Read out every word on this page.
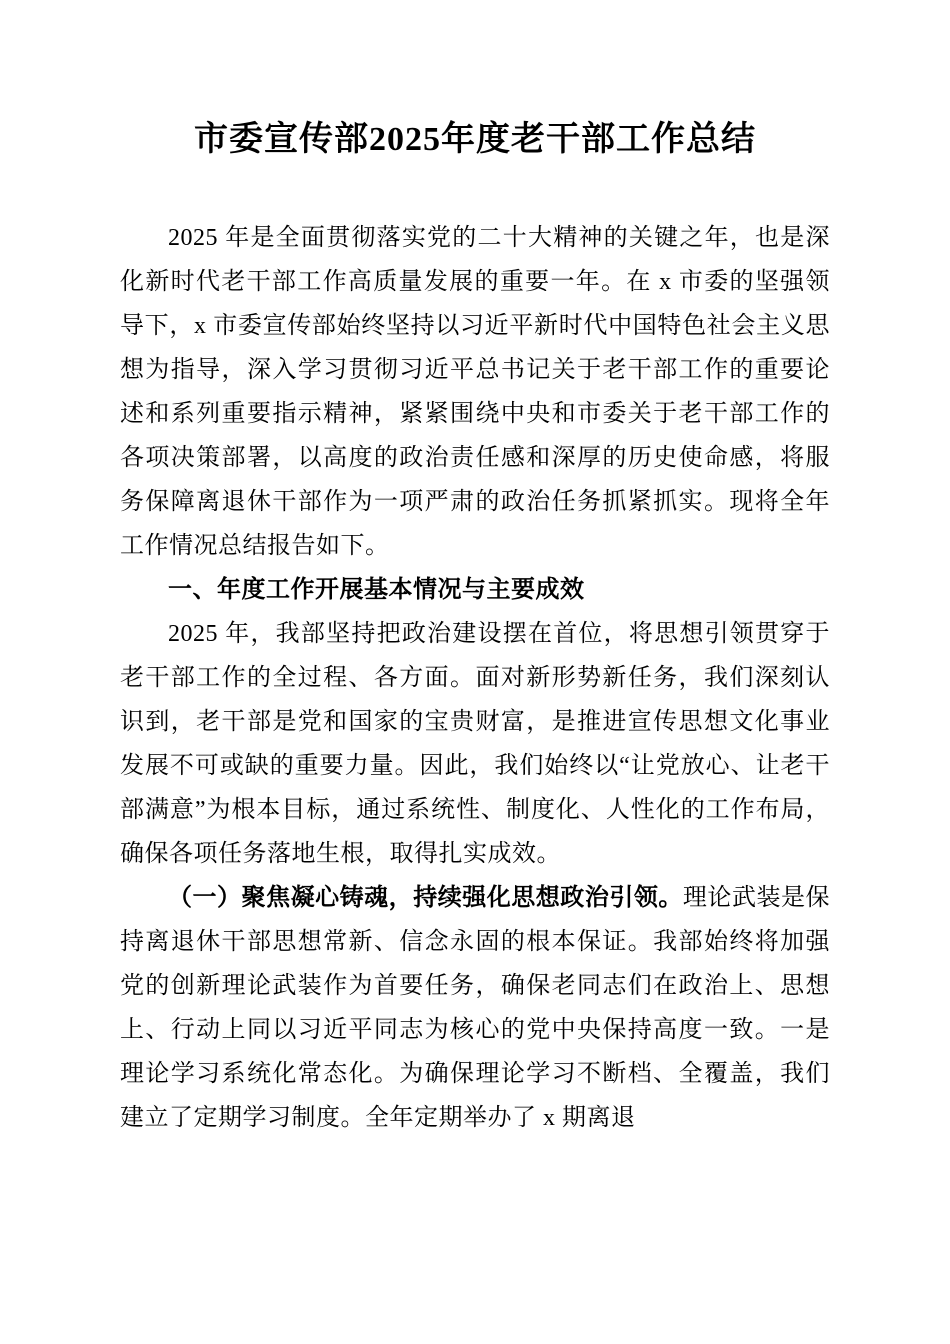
市委宣传部2025年度老干部工作总结

2025 年是全面贯彻落实党的二十大精神的关键之年，也是深化新时代老干部工作高质量发展的重要一年。在 x 市委的坚强领导下，x 市委宣传部始终坚持以习近平新时代中国特色社会主义思想为指导，深入学习贯彻习近平总书记关于老干部工作的重要论述和系列重要指示精神，紧紧围绕中央和市委关于老干部工作的各项决策部署，以高度的政治责任感和深厚的历史使命感，将服务保障离退休干部作为一项严肃的政治任务抓紧抓实。现将全年工作情况总结报告如下。

一、年度工作开展基本情况与主要成效

2025 年，我部坚持把政治建设摆在首位，将思想引领贯穿于老干部工作的全过程、各方面。面对新形势新任务，我们深刻认识到，老干部是党和国家的宝贵财富，是推进宣传思想文化事业发展不可或缺的重要力量。因此，我们始终以“让党放心、让老干部满意”为根本目标，通过系统性、制度化、人性化的工作布局，确保各项任务落地生根，取得扎实成效。

（一）聚焦凝心铸魂，持续强化思想政治引领。理论武装是保持离退休干部思想常新、信念永固的根本保证。我部始终将加强党的创新理论武装作为首要任务，确保老同志们在政治上、思想上、行动上同以习近平同志为核心的党中央保持高度一致。一是理论学习系统化常态化。为确保理论学习不断档、全覆盖，我们建立了定期学习制度。全年定期举办了 x 期离退
